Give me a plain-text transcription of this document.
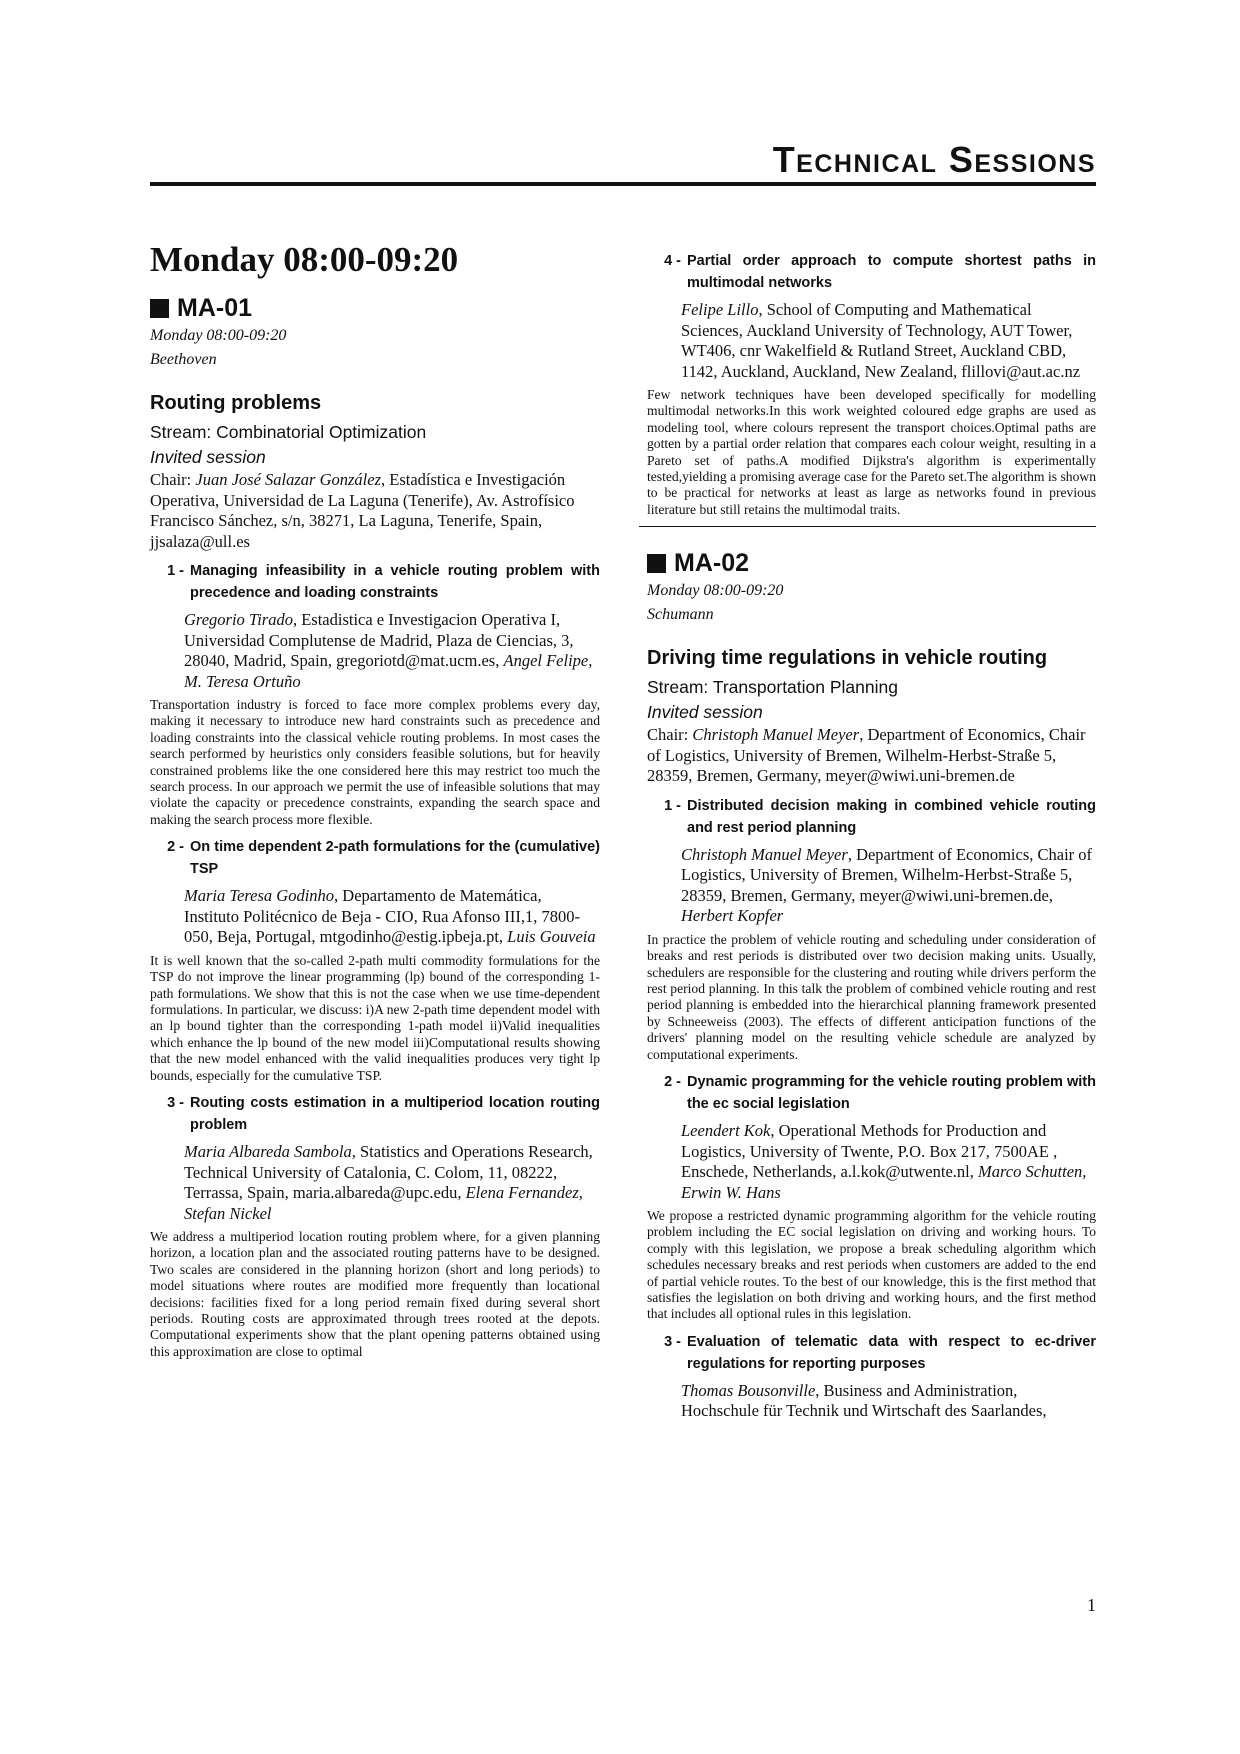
Technical Sessions
Monday 08:00-09:20
MA-01
Monday 08:00-09:20
Beethoven
Routing problems
Stream: Combinatorial Optimization
Invited session
Chair: Juan José Salazar González, Estadística e Investigación Operativa, Universidad de La Laguna (Tenerife), Av. Astrofísico Francisco Sánchez, s/n, 38271, La Laguna, Tenerife, Spain, jjsalaza@ull.es
1 - Managing infeasibility in a vehicle routing problem with precedence and loading constraints
Gregorio Tirado, Estadistica e Investigacion Operativa I, Universidad Complutense de Madrid, Plaza de Ciencias, 3, 28040, Madrid, Spain, gregoriotd@mat.ucm.es, Angel Felipe, M. Teresa Ortuño
Transportation industry is forced to face more complex problems every day, making it necessary to introduce new hard constraints such as precedence and loading constraints into the classical vehicle routing problems. In most cases the search performed by heuristics only considers feasible solutions, but for heavily constrained problems like the one considered here this may restrict too much the search process. In our approach we permit the use of infeasible solutions that may violate the capacity or precedence constraints, expanding the search space and making the search process more flexible.
2 - On time dependent 2-path formulations for the (cumulative) TSP
Maria Teresa Godinho, Departamento de Matemática, Instituto Politécnico de Beja - CIO, Rua Afonso III,1, 7800-050, Beja, Portugal, mtgodinho@estig.ipbeja.pt, Luis Gouveia
It is well known that the so-called 2-path multi commodity formulations for the TSP do not improve the linear programming (lp) bound of the corresponding 1-path formulations. We show that this is not the case when we use time-dependent formulations. In particular, we discuss: i)A new 2-path time dependent model with an lp bound tighter than the corresponding 1-path model ii)Valid inequalities which enhance the lp bound of the new model iii)Computational results showing that the new model enhanced with the valid inequalities produces very tight lp bounds, especially for the cumulative TSP.
3 - Routing costs estimation in a multiperiod location routing problem
Maria Albareda Sambola, Statistics and Operations Research, Technical University of Catalonia, C. Colom, 11, 08222, Terrassa, Spain, maria.albareda@upc.edu, Elena Fernandez, Stefan Nickel
We address a multiperiod location routing problem where, for a given planning horizon, a location plan and the associated routing patterns have to be designed. Two scales are considered in the planning horizon (short and long periods) to model situations where routes are modified more frequently than locational decisions: facilities fixed for a long period remain fixed during several short periods. Routing costs are approximated through trees rooted at the depots. Computational experiments show that the plant opening patterns obtained using this approximation are close to optimal
4 - Partial order approach to compute shortest paths in multimodal networks
Felipe Lillo, School of Computing and Mathematical Sciences, Auckland University of Technology, AUT Tower, WT406, cnr Wakelfield & Rutland Street, Auckland CBD, 1142, Auckland, Auckland, New Zealand, flillovi@aut.ac.nz
Few network techniques have been developed specifically for modelling multimodal networks.In this work weighted coloured edge graphs are used as modeling tool, where colours represent the transport choices.Optimal paths are gotten by a partial order relation that compares each colour weight, resulting in a Pareto set of paths.A modified Dijkstra's algorithm is experimentally tested,yielding a promising average case for the Pareto set.The algorithm is shown to be practical for networks at least as large as networks found in previous literature but still retains the multimodal traits.
MA-02
Monday 08:00-09:20
Schumann
Driving time regulations in vehicle routing
Stream: Transportation Planning
Invited session
Chair: Christoph Manuel Meyer, Department of Economics, Chair of Logistics, University of Bremen, Wilhelm-Herbst-Straße 5, 28359, Bremen, Germany, meyer@wiwi.uni-bremen.de
1 - Distributed decision making in combined vehicle routing and rest period planning
Christoph Manuel Meyer, Department of Economics, Chair of Logistics, University of Bremen, Wilhelm-Herbst-Straße 5, 28359, Bremen, Germany, meyer@wiwi.uni-bremen.de, Herbert Kopfer
In practice the problem of vehicle routing and scheduling under consideration of breaks and rest periods is distributed over two decision making units. Usually, schedulers are responsible for the clustering and routing while drivers perform the rest period planning. In this talk the problem of combined vehicle routing and rest period planning is embedded into the hierarchical planning framework presented by Schneeweiss (2003). The effects of different anticipation functions of the drivers' planning model on the resulting vehicle schedule are analyzed by computational experiments.
2 - Dynamic programming for the vehicle routing problem with the ec social legislation
Leendert Kok, Operational Methods for Production and Logistics, University of Twente, P.O. Box 217, 7500AE , Enschede, Netherlands, a.l.kok@utwente.nl, Marco Schutten, Erwin W. Hans
We propose a restricted dynamic programming algorithm for the vehicle routing problem including the EC social legislation on driving and working hours. To comply with this legislation, we propose a break scheduling algorithm which schedules necessary breaks and rest periods when customers are added to the end of partial vehicle routes. To the best of our knowledge, this is the first method that satisfies the legislation on both driving and working hours, and the first method that includes all optional rules in this legislation.
3 - Evaluation of telematic data with respect to ec-driver regulations for reporting purposes
Thomas Bousonville, Business and Administration, Hochschule für Technik und Wirtschaft des Saarlandes,
1
